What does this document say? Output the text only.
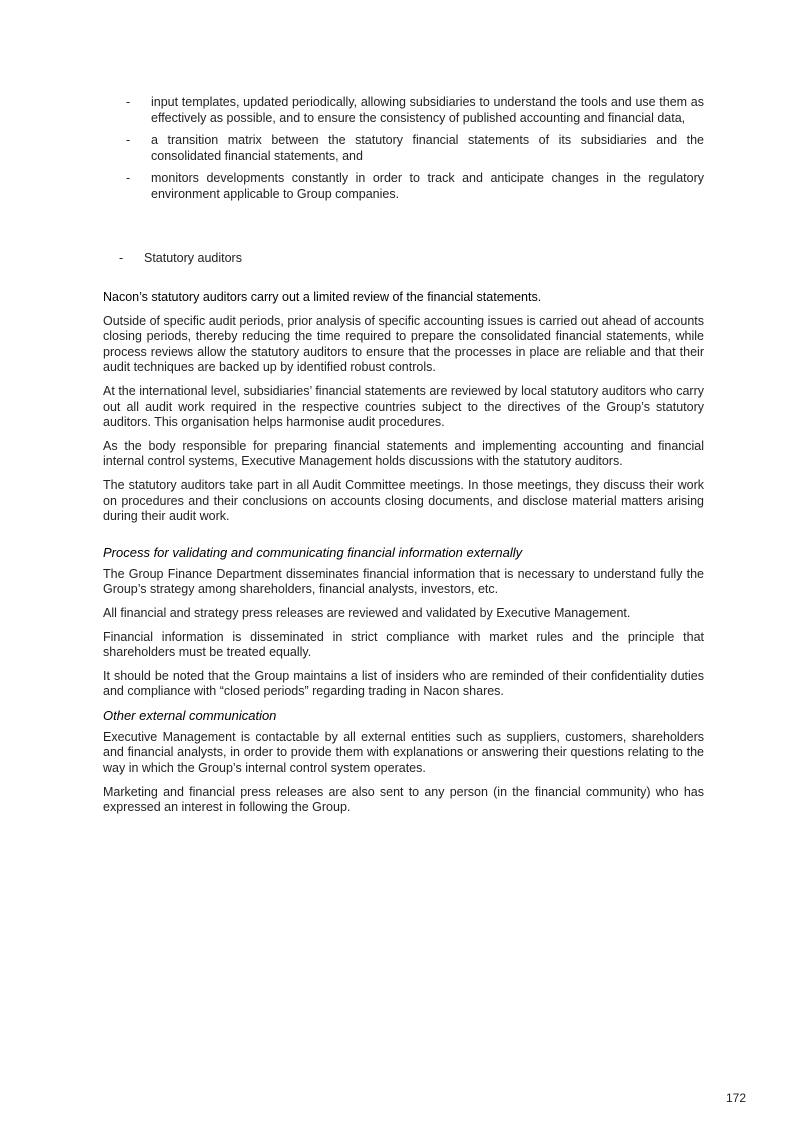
-	input templates, updated periodically, allowing subsidiaries to understand the tools and use them as effectively as possible, and to ensure the consistency of published accounting and financial data,
-	a transition matrix between the statutory financial statements of its subsidiaries and the consolidated financial statements, and
-	monitors developments constantly in order to track and anticipate changes in the regulatory environment applicable to Group companies.
-	Statutory auditors

Nacon’s statutory auditors carry out a limited review of the financial statements.

Outside of specific audit periods, prior analysis of specific accounting issues is carried out ahead of accounts closing periods, thereby reducing the time required to prepare the consolidated financial statements, while process reviews allow the statutory auditors to ensure that the processes in place are reliable and that their audit techniques are backed up by identified robust controls.

At the international level, subsidiaries’ financial statements are reviewed by local statutory auditors who carry out all audit work required in the respective countries subject to the directives of the Group’s statutory auditors. This organisation helps harmonise audit procedures.

As the body responsible for preparing financial statements and implementing accounting and financial internal control systems, Executive Management holds discussions with the statutory auditors.

The statutory auditors take part in all Audit Committee meetings. In those meetings, they discuss their work on procedures and their conclusions on accounts closing documents, and disclose material matters arising during their audit work.

Process for validating and communicating financial information externally

The Group Finance Department disseminates financial information that is necessary to understand fully the Group’s strategy among shareholders, financial analysts, investors, etc.

All financial and strategy press releases are reviewed and validated by Executive Management.

Financial information is disseminated in strict compliance with market rules and the principle that shareholders must be treated equally.

It should be noted that the Group maintains a list of insiders who are reminded of their confidentiality duties and compliance with “closed periods” regarding trading in Nacon shares.

Other external communication

Executive Management is contactable by all external entities such as suppliers, customers, shareholders and financial analysts, in order to provide them with explanations or answering their questions relating to the way in which the Group’s internal control system operates.

Marketing and financial press releases are also sent to any person (in the financial community) who has expressed an interest in following the Group.

172
